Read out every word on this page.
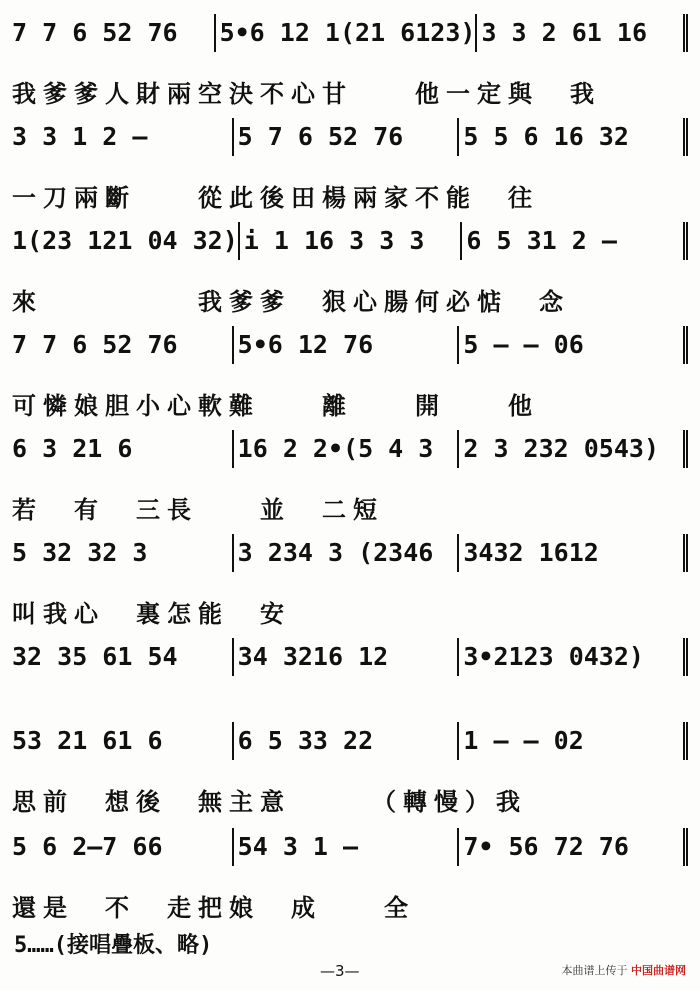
7 7 6 52 76	5•6 12 1(21 6123) 3 3 2 61 16
我爹爹人財兩空決不心甘　　他一定與　我
3 3 1 2 —	5 7 6 52 76	5 5 6 16 32
一刀兩斷　　從此後田楊兩家不能　往
1(23 121 04 32) i 1 16 3 3 3	6 5 31 2 —
來　　　　　我爹爹　狠心腸何必惦　念
7 7 6 52 76	5•6 12 76	5 — — 06
可憐娘胆小心軟難　　離　　開　　他
6 3 21 6	16 2 2•(5 4 3	2 3 232 0543)
若　有　三長　　並　二短
5 32 32 3	3 234 3 (2346	3432 1612
叫我心　裏怎能　安
32 35 61 54	34 3216 12	3•2123 0432)
53 21 61 6	6 5 33 22	1 — — 02
思前　想後　無主意　　　（轉慢）我
5 6 2—7 66	54 3 1 —	7• 56 72 76
還是　不　走把娘　成　　全
5……(接唱疊板、略)
—3—	本曲谱上传于 中国曲谱网
